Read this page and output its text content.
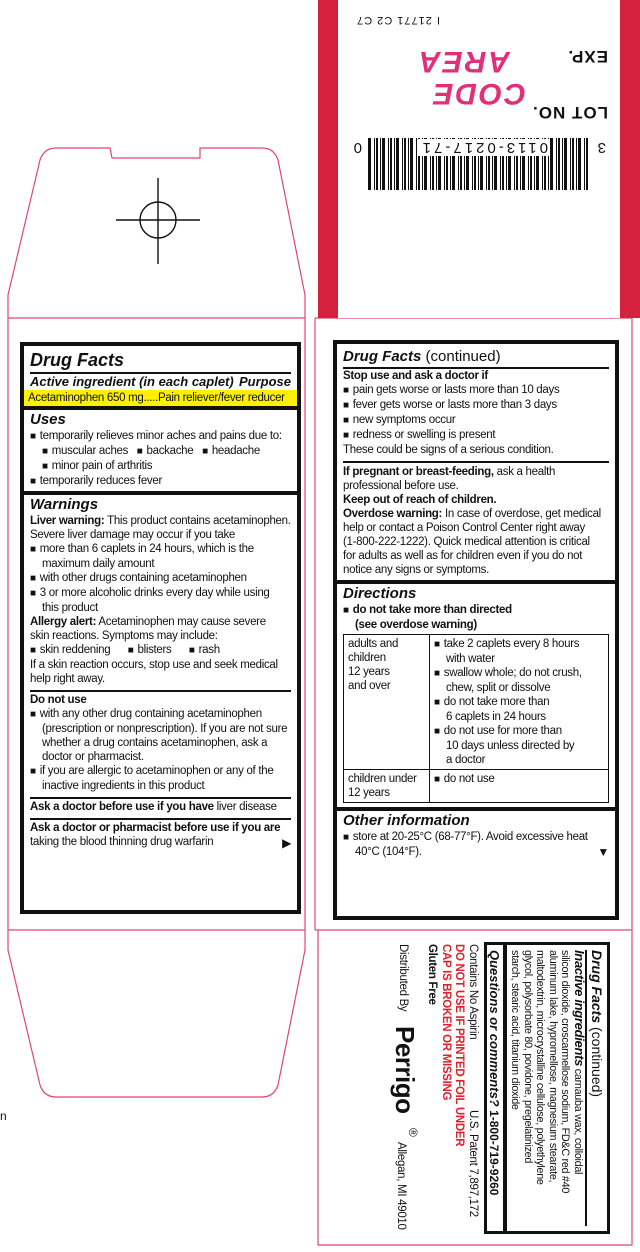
n
LOT NO.
EXP.
CODE
AREA
I 21771 C2 C7
3
0113-0217-71
0
Drug Facts
Active ingredient (in each caplet) Purpose
Acetaminophen 650 mg.....Pain reliever/fever reducer
Uses
■ temporarily relieves minor aches and pains due to:
■ muscular aches ■ backache ■ headache
■ minor pain of arthritis
■ temporarily reduces fever
Warnings
Liver warning: This product contains acetaminophen.
Severe liver damage may occur if you take
■ more than 6 caplets in 24 hours, which is the
maximum daily amount
■ with other drugs containing acetaminophen
■ 3 or more alcoholic drinks every day while using
this product
Allergy alert: Acetaminophen may cause severe
skin reactions. Symptoms may include:
■ skin reddening ■ blisters ■ rash
If a skin reaction occurs, stop use and seek medical
help right away.
Do not use
■ with any other drug containing acetaminophen
(prescription or nonprescription). If you are not sure
whether a drug contains acetaminophen, ask a
doctor or pharmacist.
■ if you are allergic to acetaminophen or any of the
inactive ingredients in this product
Ask a doctor before use if you have liver disease
Ask a doctor or pharmacist before use if you are
taking the blood thinning drug warfarin	▶
Drug Facts (continued)
Stop use and ask a doctor if
■ pain gets worse or lasts more than 10 days
■ fever gets worse or lasts more than 3 days
■ new symptoms occur
■ redness or swelling is present
These could be signs of a serious condition.
If pregnant or breast-feeding, ask a health
professional before use.
Keep out of reach of children.
Overdose warning: In case of overdose, get medical
help or contact a Poison Control Center right away
(1-800-222-1222). Quick medical attention is critical
for adults as well as for children even if you do not
notice any signs or symptoms.
Directions
■ do not take more than directed
(see overdose warning)
adults and
children
12 years
and over
■ take 2 caplets every 8 hours
with water
■ swallow whole; do not crush,
chew, split or dissolve
■ do not take more than
6 caplets in 24 hours
■ do not use for more than
10 days unless directed by
a doctor
children under
12 years
■ do not use
Other information
■ store at 20-25°C (68-77°F). Avoid excessive heat
40°C (104°F).	▼
Drug Facts (continued)
Inactive ingredients carnauba wax, colloidal
silicon dioxide, croscarmellose sodium, FD&C red #40
aluminum lake, hypromellose, magnesium stearate,
maltodextrin, microcrystalline cellulose, polyethylene
glycol, polysorbate 80, povidone, pregelatinized
starch, stearic acid, titanium dioxide
Questions or comments? 1-800-719-9260
Contains No Aspirin
U.S. Patent 7,897,172
DO NOT USE IF PRINTED FOIL UNDER
CAP IS BROKEN OR MISSING
Gluten Free
Distributed By
Perrigo
®
Allegan, MI 49010
